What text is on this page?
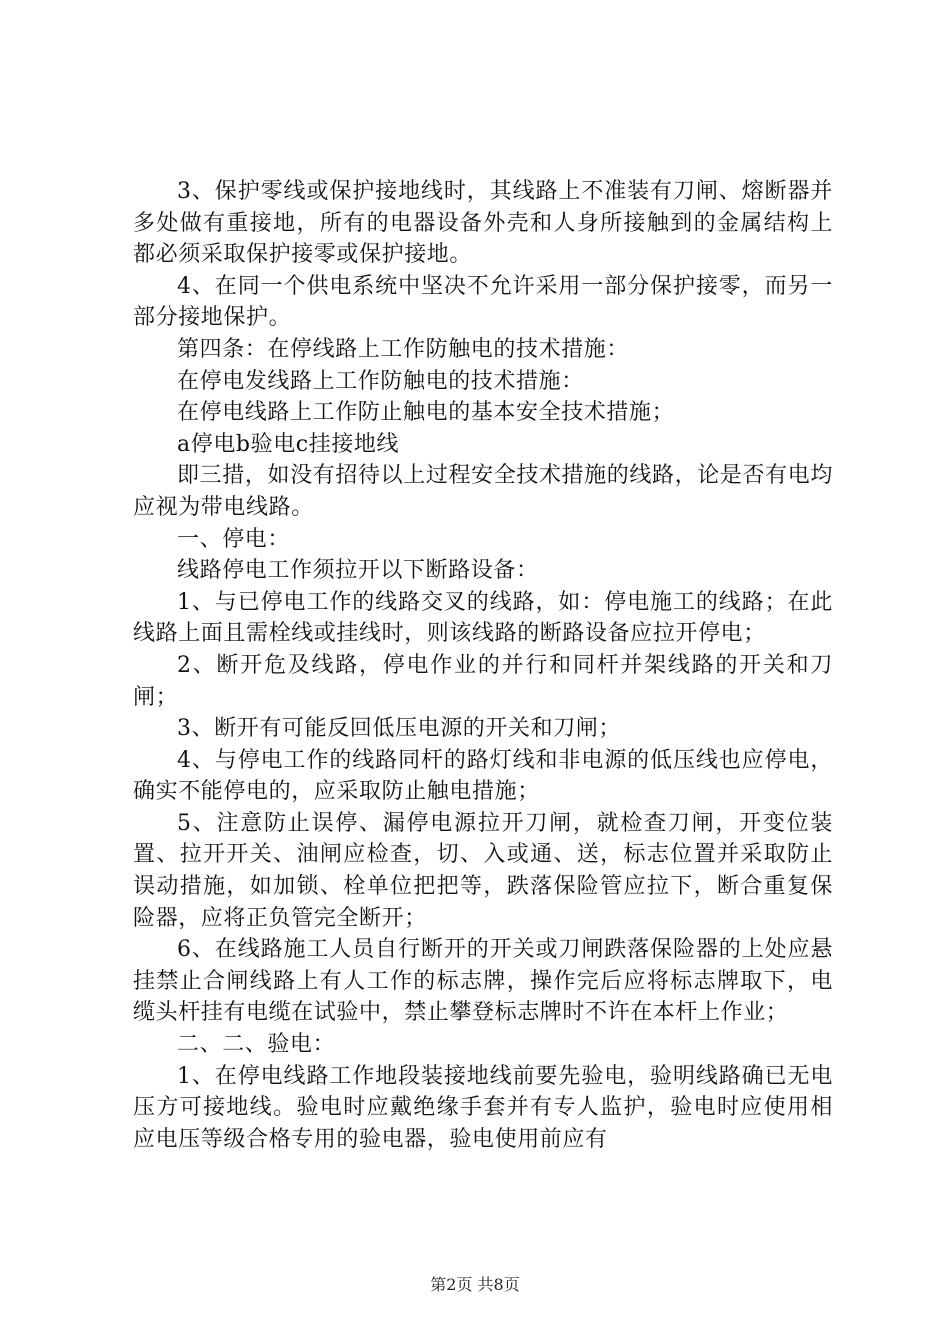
3、保护零线或保护接地线时，其线路上不准装有刀闸、熔断器并多处做有重接地，所有的电器设备外壳和人身所接触到的金属结构上都必须采取保护接零或保护接地。

4、在同一个供电系统中坚决不允许采用一部分保护接零，而另一部分接地保护。

第四条：在停线路上工作防触电的技术措施：

在停电发线路上工作防触电的技术措施：

在停电线路上工作防止触电的基本安全技术措施；

a停电b验电c挂接地线

即三措，如没有招待以上过程安全技术措施的线路，论是否有电均应视为带电线路。

一、停电：

线路停电工作须拉开以下断路设备：

1、与已停电工作的线路交叉的线路，如：停电施工的线路；在此线路上面且需栓线或挂线时，则该线路的断路设备应拉开停电；

2、断开危及线路，停电作业的并行和同杆并架线路的开关和刀闸；

3、断开有可能反回低压电源的开关和刀闸；

4、与停电工作的线路同杆的路灯线和非电源的低压线也应停电，确实不能停电的，应采取防止触电措施；

5、注意防止误停、漏停电源拉开刀闸，就检查刀闸，开变位装置、拉开开关、油闸应检查，切、入或通、送，标志位置并采取防止误动措施，如加锁、栓单位把把等，跌落保险管应拉下，断合重复保险器，应将正负管完全断开；

6、在线路施工人员自行断开的开关或刀闸跌落保险器的上处应悬挂禁止合闸线路上有人工作的标志牌，操作完后应将标志牌取下，电缆头杆挂有电缆在试验中，禁止攀登标志牌时不许在本杆上作业；

二、二、验电：

1、在停电线路工作地段装接地线前要先验电，验明线路确已无电压方可接地线。验电时应戴绝缘手套并有专人监护，验电时应使用相应电压等级合格专用的验电器，验电使用前应有

第2页 共8页
